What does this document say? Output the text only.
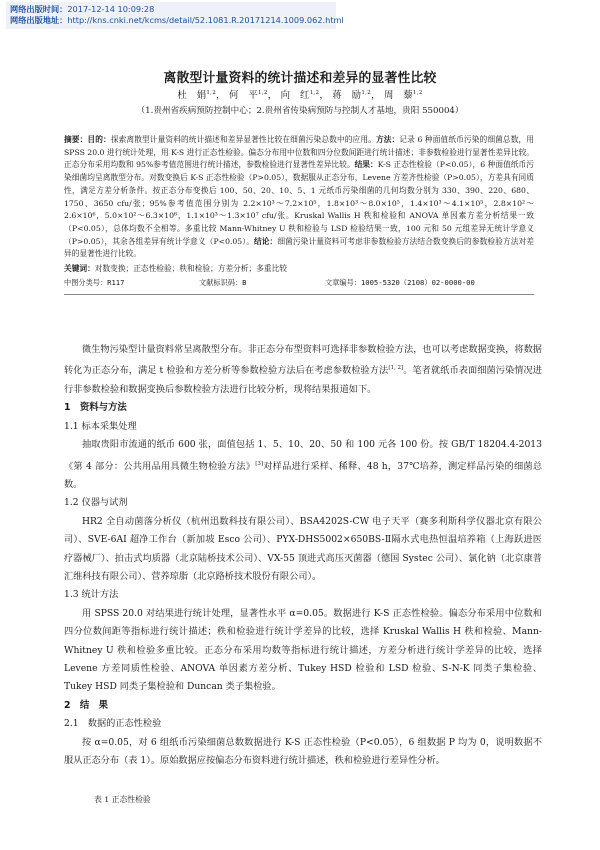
网络出版时间：2017-12-14 10:09:28
网络出版地址：http://kns.cnki.net/kcms/detail/52.1081.R.20171214.1009.062.html
离散型计量资料的统计描述和差异的显著性比较
杜　娟$^{1,2}$， 何　平$^{1,2}$， 向　红$^{1,2}$， 蒋　励$^{1,2}$， 周　藜$^{1,2}$
（1.贵州省疾病预防控制中心；2.贵州省传染病预防与控制人才基地，贵阳 550004）
摘要：目的：探索离散型计量资料的统计描述和差异显著性比较在细菌污染总数中的应用。方法：记录 6 种面值纸币污染的细菌总数，用 SPSS 20.0 进行统计处理，用 K-S 进行正态性检验。偏态分布用中位数和四分位数间距进行统计描述；非参数检验进行显著性差异比较。正态分布采用均数和 95%参考值范围进行统计描述，参数检验进行显著性差异比较。结果：K-S 正态性检验（P<0.05），6 种面值纸币污染细菌均呈离散型分布。对数变换后 K-S 正态性检验（P>0.05），数据服从正态分布，Levene 方差齐性检验（P>0.05），方差具有同质性，满足方差分析条件。按正态分布变换后 100、50、20、10、5、1 元纸币污染细菌的几何均数分别为 330、390、220、680、1750、3650 cfu/张；95%参考值范围分别为 2.2×10³～7.2×10⁵，1.8×10³～8.0×10⁵，1.4×10³～4.1×10⁵，2.8×10²～2.6×10⁶，5.0×10²～6.3×10⁶，1.1×10³～1.3×10⁷ cfu/张。Kruskal Wallis H 秩和检验和 ANOVA 单因素方差分析结果一致（P<0.05），总体均数不全相等。多重比较 Mann-Whitney U 秩和检验与 LSD 检验结果一致，100 元和 50 元组差异无统计学意义（P>0.05），其余各组差异有统计学意义（P<0.05）。结论：细菌污染计量资料可考虑非参数检验方法结合数变换后的参数检验方法对差异的显著性进行比较。
关键词：对数变换；正态性检验；秩和检验；方差分析；多重比较
中图分类号：R117	文献标识码：B	文章编号：1005-5320（2108）02-0000-00

微生物污染型计量资料常呈离散型分布。非正态分布型资料可选择非参数检验方法，也可以考虑数据变换，将数据转化为正态分布，满足 t 检验和方差分析等参数检验方法后在考虑参数检验方法[1, 2]。笔者就纸币表面细菌污染情况进行非参数检验和数据变换后参数检验方法进行比较分析，现将结果报道如下。

1　资料与方法
1.1 标本采集处理

抽取贵阳市流通的纸币 600 张，面值包括 1、5、10、20、50 和 100 元各 100 份。按 GB/T 18204.4-2013《第 4 部分：公共用品用具微生物检验方法》[3]对样品进行采样、稀释、48 h，37℃培养，测定样品污染的细菌总数。

1.2 仪器与试剂

HR2 全自动菌落分析仪（杭州迅数科技有限公司）、BSA4202S-CW 电子天平（赛多利斯科学仪器北京有限公司）、SVE-6AI 超净工作台（新加坡 Esco 公司）、PYX-DHS5002×650BS-Ⅱ隔水式电热恒温培养箱（上海跃进医疗器械厂）、拍击式均质器（北京陆桥技术公司）、VX-55 顶进式高压灭菌器（德国 Systec 公司）、氯化钠（北京康普汇维科技有限公司）、营养琼脂（北京路桥技术股份有限公司）。

1.3 统计方法

用 SPSS 20.0 对结果进行统计处理，显著性水平 α=0.05。数据进行 K-S 正态性检验。偏态分布采用中位数和四分位数间距等指标进行统计描述；秩和检验进行统计学差异的比较，选择 Kruskal Wallis H 秩和检验、Mann-Whitney U 秩和检验多重比较。正态分布采用均数等指标进行统计描述，方差分析进行统计学差异的比较，选择 Levene 方差同质性检验、ANOVA 单因素方差分析、Tukey HSD 检验和 LSD 检验、S-N-K 同类子集检验、Tukey HSD 同类子集检验和 Duncan 类子集检验。

2　结　果
2.1　数据的正态性检验

按 α=0.05，对 6 组纸币污染细菌总数数据进行 K-S 正态性检验（P<0.05），6 组数据 P 均为 0，说明数据不服从正态分布（表 1）。原始数据应按偏态分布资料进行统计描述，秩和检验进行差异性分析。

表 1 正态性检验
